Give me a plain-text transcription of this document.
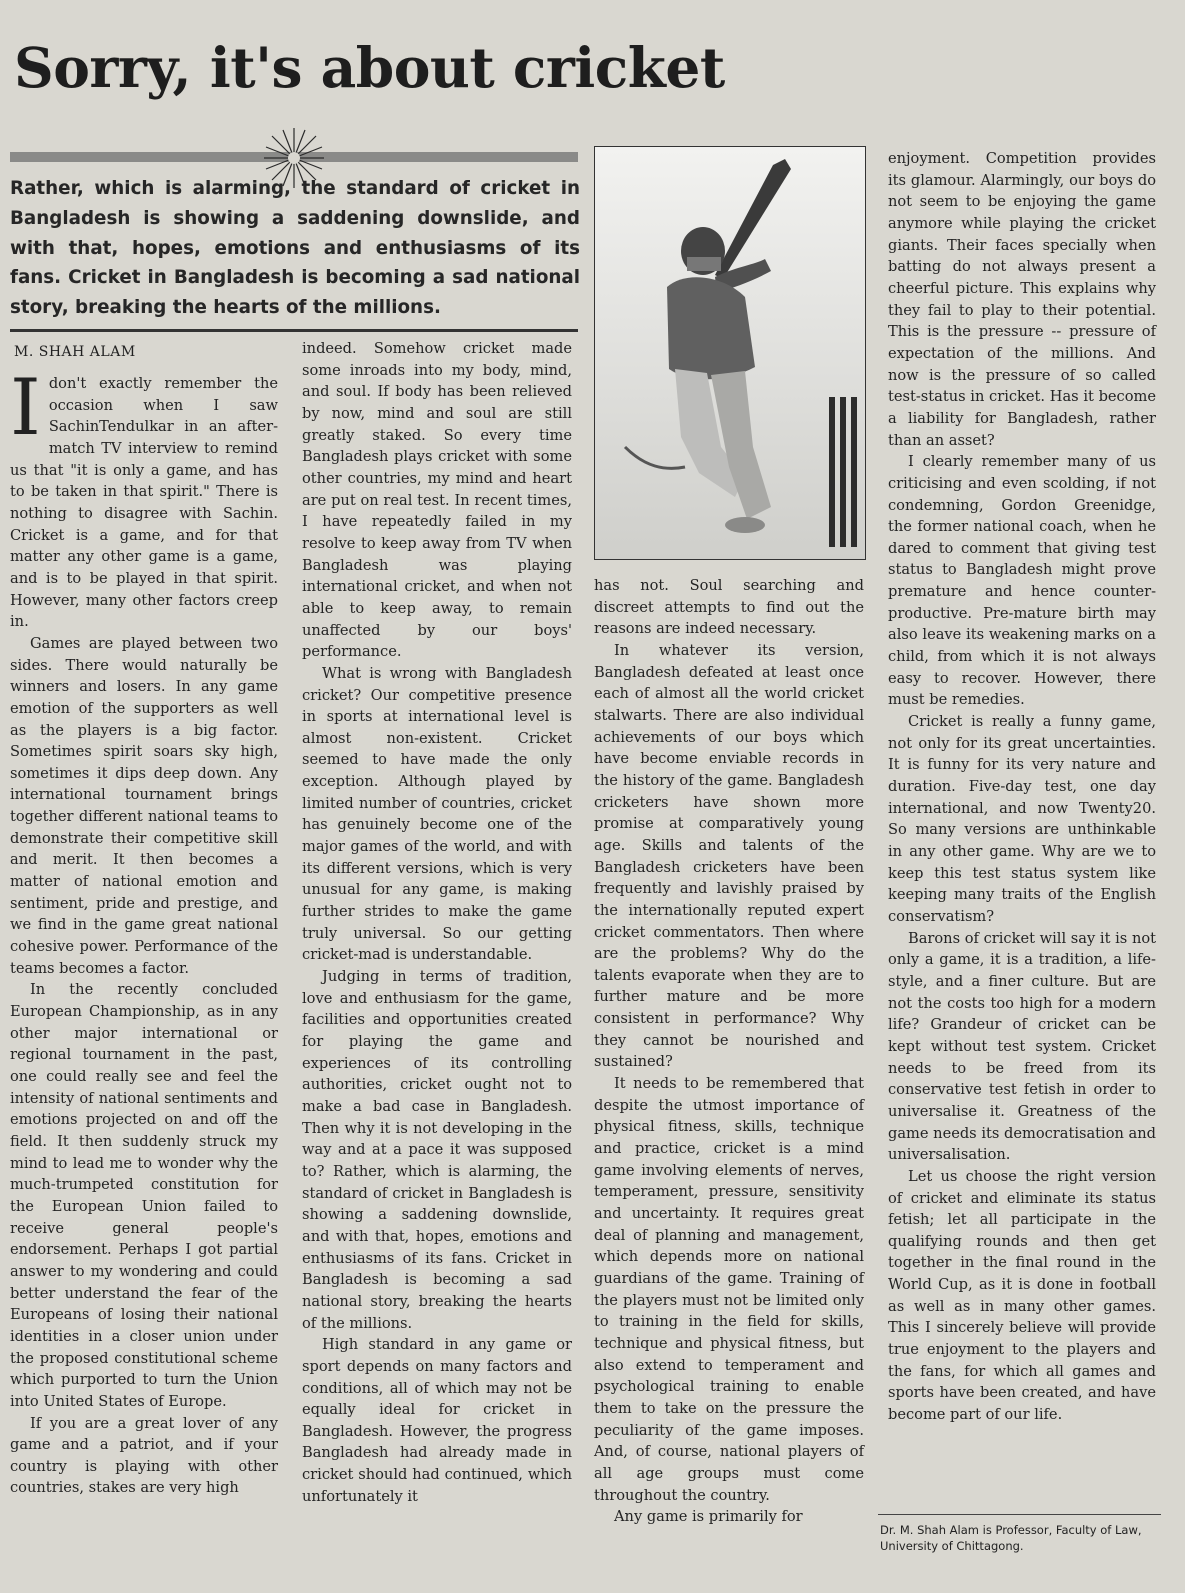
Sorry, it's about cricket
Rather, which is alarming, the standard of cricket in Bangladesh is showing a saddening downslide, and with that, hopes, emotions and enthusiasms of its fans. Cricket in Bangladesh is becoming a sad national story, breaking the hearts of the millions.
M. SHAH ALAM
I don't exactly remember the occasion when I saw SachinTendulkar in an after-match TV interview to remind us that "it is only a game, and has to be taken in that spirit." There is nothing to disagree with Sachin. Cricket is a game, and for that matter any other game is a game, and is to be played in that spirit. However, many other factors creep in.

Games are played between two sides. There would naturally be winners and losers. In any game emotion of the supporters as well as the players is a big factor. Sometimes spirit soars sky high, sometimes it dips deep down. Any international tournament brings together different national teams to demonstrate their competitive skill and merit. It then becomes a matter of national emotion and sentiment, pride and prestige, and we find in the game great national cohesive power. Performance of the teams becomes a factor.

In the recently concluded European Championship, as in any other major international or regional tournament in the past, one could really see and feel the intensity of national sentiments and emotions projected on and off the field. It then suddenly struck my mind to lead me to wonder why the much-trumpeted constitution for the European Union failed to receive general people's endorsement. Perhaps I got partial answer to my wondering and could better understand the fear of the Europeans of losing their national identities in a closer union under the proposed constitutional scheme which purported to turn the Union into United States of Europe.

If you are a great lover of any game and a patriot, and if your country is playing with other countries, stakes are very high

indeed. Somehow cricket made some inroads into my body, mind, and soul. If body has been relieved by now, mind and soul are still greatly staked. So every time Bangladesh plays cricket with some other countries, my mind and heart are put on real test. In recent times, I have repeatedly failed in my resolve to keep away from TV when Bangladesh was playing international cricket, and when not able to keep away, to remain unaffected by our boys' performance.

What is wrong with Bangladesh cricket? Our competitive presence in sports at international level is almost non-existent. Cricket seemed to have made the only exception. Although played by limited number of countries, cricket has genuinely become one of the major games of the world, and with its different versions, which is very unusual for any game, is making further strides to make the game truly universal. So our getting cricket-mad is understandable.

Judging in terms of tradition, love and enthusiasm for the game, facilities and opportunities created for playing the game and experiences of its controlling authorities, cricket ought not to make a bad case in Bangladesh. Then why it is not developing in the way and at a pace it was supposed to? Rather, which is alarming, the standard of cricket in Bangladesh is showing a saddening downslide, and with that, hopes, emotions and enthusiasms of its fans. Cricket in Bangladesh is becoming a sad national story, breaking the hearts of the millions.

High standard in any game or sport depends on many factors and conditions, all of which may not be equally ideal for cricket in Bangladesh. However, the progress Bangladesh had already made in cricket should had continued, which unfortunately it

has not. Soul searching and discreet attempts to find out the reasons are indeed necessary.

In whatever its version, Bangladesh defeated at least once each of almost all the world cricket stalwarts. There are also individual achievements of our boys which have become enviable records in the history of the game. Bangladesh cricketers have shown more promise at comparatively young age. Skills and talents of the Bangladesh cricketers have been frequently and lavishly praised by the internationally reputed expert cricket commentators. Then where are the problems? Why do the talents evaporate when they are to further mature and be more consistent in performance? Why they cannot be nourished and sustained?

It needs to be remembered that despite the utmost importance of physical fitness, skills, technique and practice, cricket is a mind game involving elements of nerves, temperament, pressure, sensitivity and uncertainty. It requires great deal of planning and management, which depends more on national guardians of the game. Training of the players must not be limited only to training in the field for skills, technique and physical fitness, but also extend to temperament and psychological training to enable them to take on the pressure the peculiarity of the game imposes. And, of course, national players of all age groups must come throughout the country.

Any game is primarily for

enjoyment. Competition provides its glamour. Alarmingly, our boys do not seem to be enjoying the game anymore while playing the cricket giants. Their faces specially when batting do not always present a cheerful picture. This explains why they fail to play to their potential. This is the pressure -- pressure of expectation of the millions. And now is the pressure of so called test-status in cricket. Has it become a liability for Bangladesh, rather than an asset?

I clearly remember many of us criticising and even scolding, if not condemning, Gordon Greenidge, the former national coach, when he dared to comment that giving test status to Bangladesh might prove premature and hence counter-productive. Pre-mature birth may also leave its weakening marks on a child, from which it is not always easy to recover. However, there must be remedies.

Cricket is really a funny game, not only for its great uncertainties. It is funny for its very nature and duration. Five-day test, one day international, and now Twenty20. So many versions are unthinkable in any other game. Why are we to keep this test status system like keeping many traits of the English conservatism?

Barons of cricket will say it is not only a game, it is a tradition, a life-style, and a finer culture. But are not the costs too high for a modern life? Grandeur of cricket can be kept without test system. Cricket needs to be freed from its conservative test fetish in order to universalise it. Greatness of the game needs its democratisation and universalisation.

Let us choose the right version of cricket and eliminate its status fetish; let all participate in the qualifying rounds and then get together in the final round in the World Cup, as it is done in football as well as in many other games. This I sincerely believe will provide true enjoyment to the players and the fans, for which all games and sports have been created, and have become part of our life.

Dr. M. Shah Alam is Professor, Faculty of Law, University of Chittagong.
